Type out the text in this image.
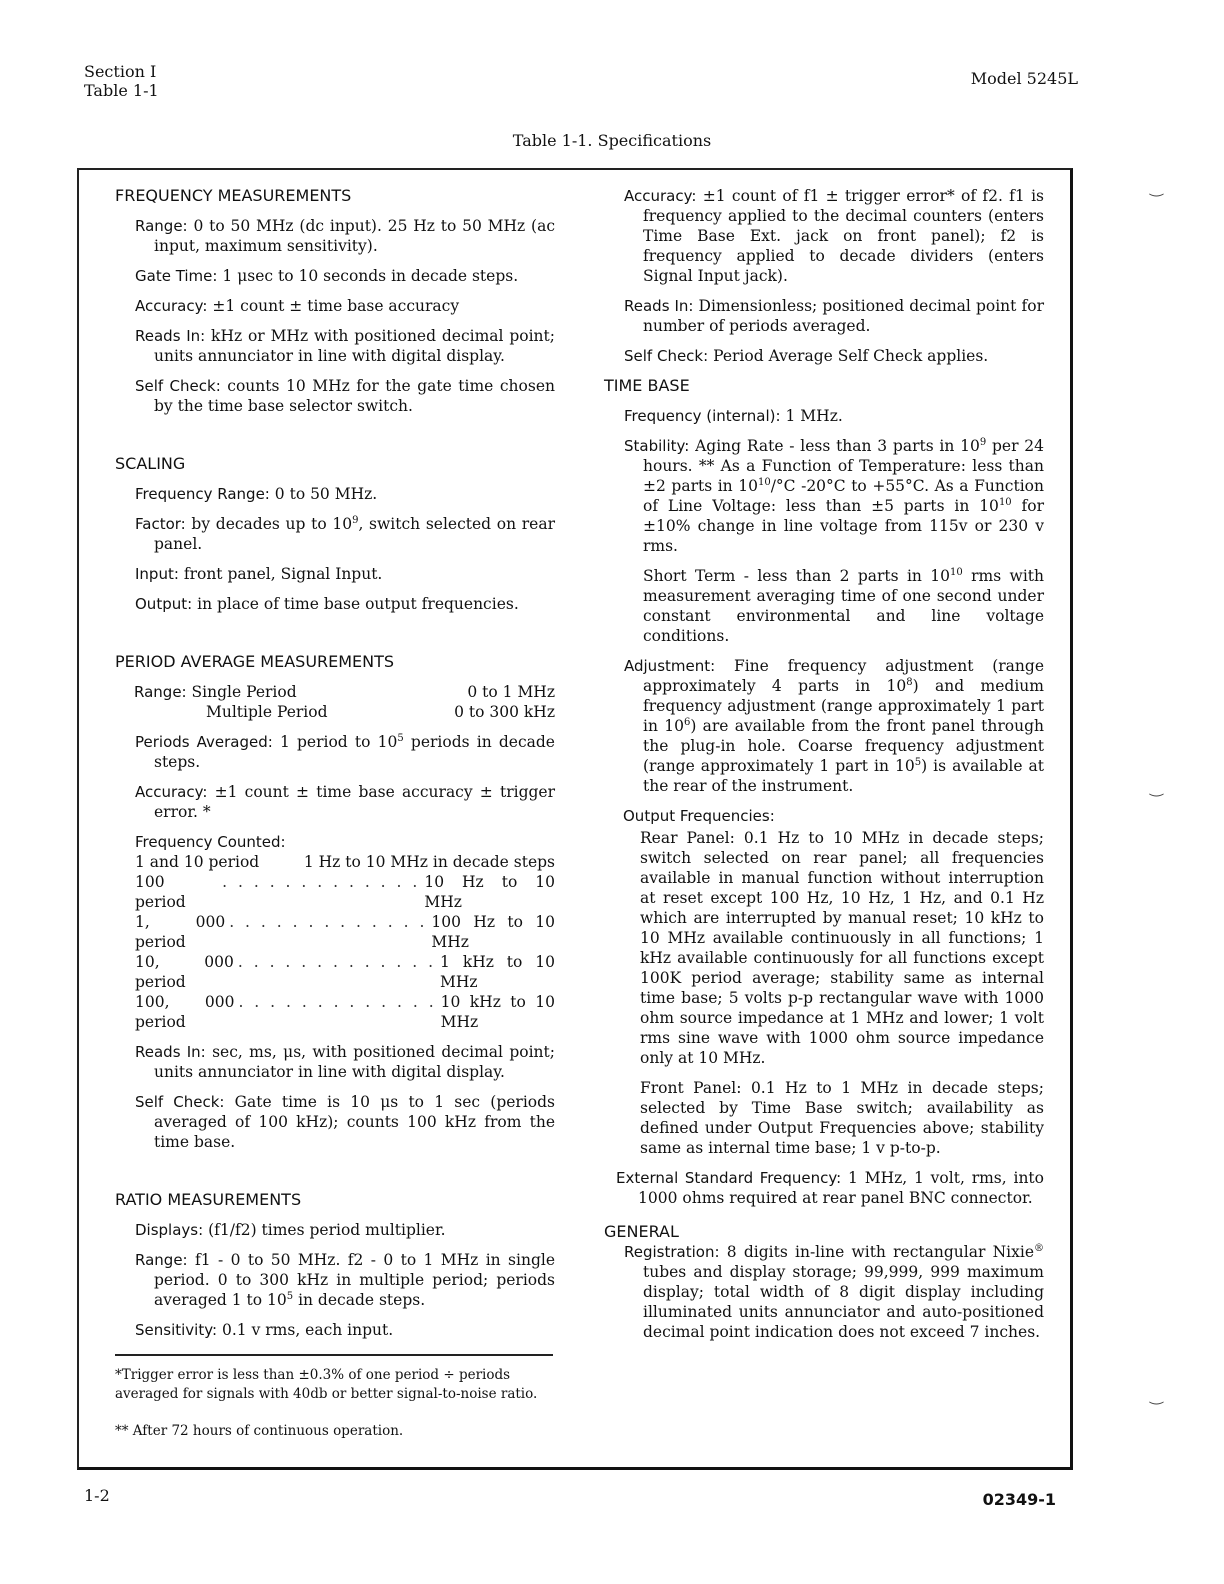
Section I
Table 1-1
Model 5245L
Table 1-1. Specifications

FREQUENCY MEASUREMENTS

Range: 0 to 50 MHz (dc input). 25 Hz to 50 MHz (ac input, maximum sensitivity).

Gate Time: 1 μsec to 10 seconds in decade steps.

Accuracy: ±1 count ± time base accuracy

Reads In: kHz or MHz with positioned decimal point; units annunciator in line with digital display.

Self Check: counts 10 MHz for the gate time chosen by the time base selector switch.

SCALING

Frequency Range: 0 to 50 MHz.

Factor: by decades up to $10^9$, switch selected on rear panel.

Input: front panel, Signal Input.

Output: in place of time base output frequencies.

PERIOD AVERAGE MEASUREMENTS

Range: Single Period	0 to 1 MHz
Multiple Period	0 to 300 kHz

Periods Averaged: 1 period to $10^5$ periods in decade steps.

Accuracy: ±1 count ± time base accuracy ± trigger error. *

Frequency Counted:
1 and 10 period	1 Hz to 10 MHz in decade steps
100 period
. . . . . . . . . . . . . 10 Hz to 10 MHz
1, 000 period
. . . . . . . . . . . . . 100 Hz to 10 MHz
10, 000 period
. . . . . . . . . . . . . 1 kHz to 10 MHz
100, 000 period
. . . . . . . . . . . . . 10 kHz to 10 MHz

Reads In: sec, ms, μs, with positioned decimal point; units annunciator in line with digital display.

Self Check: Gate time is 10 μs to 1 sec (periods averaged of 100 kHz); counts 100 kHz from the time base.

RATIO MEASUREMENTS

Displays: (f1/f2) times period multiplier.

Range: f1 - 0 to 50 MHz. f2 - 0 to 1 MHz in single period. 0 to 300 kHz in multiple period; periods averaged 1 to $10^5$ in decade steps.

Sensitivity: 0.1 v rms, each input.

*Trigger error is less than ±0.3% of one period ÷ periods averaged for signals with 40db or better signal-to-noise ratio.

** After 72 hours of continuous operation.

Accuracy: ±1 count of f1 ± trigger error* of f2. f1 is frequency applied to the decimal counters (enters Time Base Ext. jack on front panel); f2 is frequency applied to decade dividers (enters Signal Input jack).

Reads In: Dimensionless; positioned decimal point for number of periods averaged.

Self Check: Period Average Self Check applies.

TIME BASE

Frequency (internal): 1 MHz.

Stability: Aging Rate - less than 3 parts in $10^9$ per 24 hours. ** As a Function of Temperature: less than ±2 parts in $10^{10}/^\circ C$ -20°C to +55°C. As a Function of Line Voltage: less than ±5 parts in $10^{10}$ for ±10% change in line voltage from 115v or 230 v rms.

Short Term - less than 2 parts in $10^{10}$ rms with measurement averaging time of one second under constant environmental and line voltage conditions.

Adjustment: Fine frequency adjustment (range approximately 4 parts in $10^8$) and medium frequency adjustment (range approximately 1 part in $10^6$) are available from the front panel through the plug-in hole. Coarse frequency adjustment (range approximately 1 part in $10^5$) is available at the rear of the instrument.

Output Frequencies:

Rear Panel: 0.1 Hz to 10 MHz in decade steps; switch selected on rear panel; all frequencies available in manual function without interruption at reset except 100 Hz, 10 Hz, 1 Hz, and 0.1 Hz which are interrupted by manual reset; 10 kHz to 10 MHz available continuously in all functions; 1 kHz available continuously for all functions except 100K period average; stability same as internal time base; 5 volts p-p rectangular wave with 1000 ohm source impedance at 1 MHz and lower; 1 volt rms sine wave with 1000 ohm source impedance only at 10 MHz.

Front Panel: 0.1 Hz to 1 MHz in decade steps; selected by Time Base switch; availability as defined under Output Frequencies above; stability same as internal time base; 1 v p-to-p.

External Standard Frequency: 1 MHz, 1 volt, rms, into 1000 ohms required at rear panel BNC connector.

GENERAL

Registration: 8 digits in-line with rectangular Nixie® tubes and display storage; 99,999, 999 maximum display; total width of 8 digit display including illuminated units annunciator and auto-positioned decimal point indication does not exceed 7 inches.

1-2	02349-1
‿
‿
‿
